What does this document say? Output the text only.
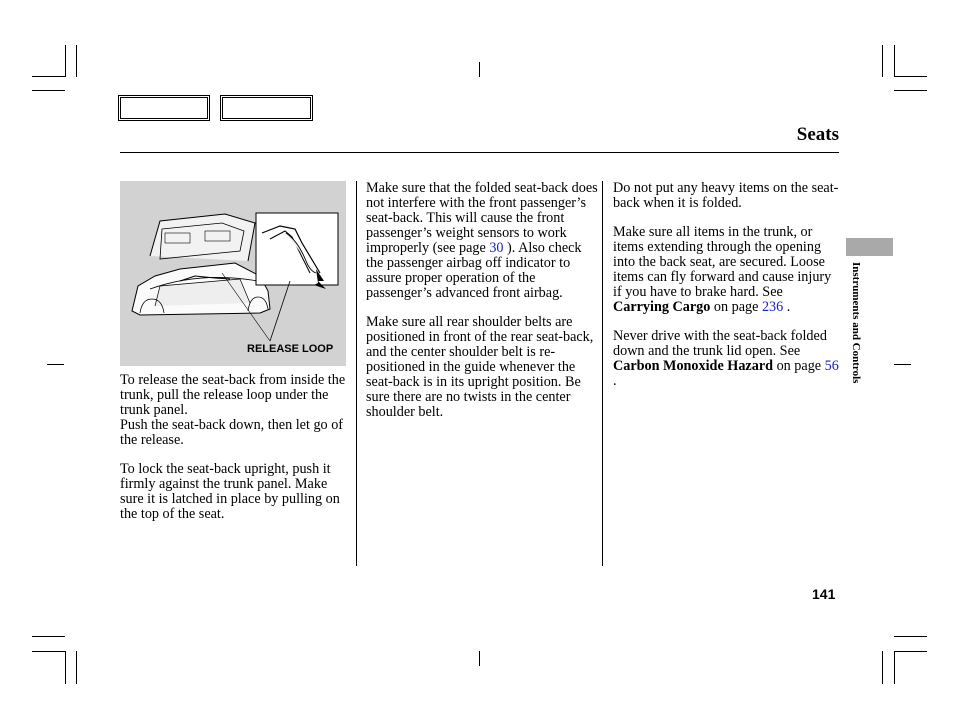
Seats
RELEASE LOOP

To release the seat-back from inside the trunk, pull the release loop under the trunk panel.

Push the seat-back down, then let go of the release.

To lock the seat-back upright, push it firmly against the trunk panel. Make sure it is latched in place by pulling on the top of the seat.

Make sure that the folded seat-back does not interfere with the front passenger’s seat-back. This will cause the front passenger’s weight sensors to work improperly (see page 30 ). Also check the passenger airbag off indicator to assure proper operation of the passenger’s advanced front airbag.

Make sure all rear shoulder belts are positioned in front of the rear seat-back, and the center shoulder belt is re-positioned in the guide whenever the seat-back is in its upright position. Be sure there are no twists in the center shoulder belt.

Do not put any heavy items on the seat-back when it is folded.

Make sure all items in the trunk, or items extending through the opening into the back seat, are secured. Loose items can fly forward and cause injury if you have to brake hard. See Carrying Cargo on page 236 .

Never drive with the seat-back folded down and the trunk lid open. See Carbon Monoxide Hazard on page 56 .	Instruments and Controls
141
